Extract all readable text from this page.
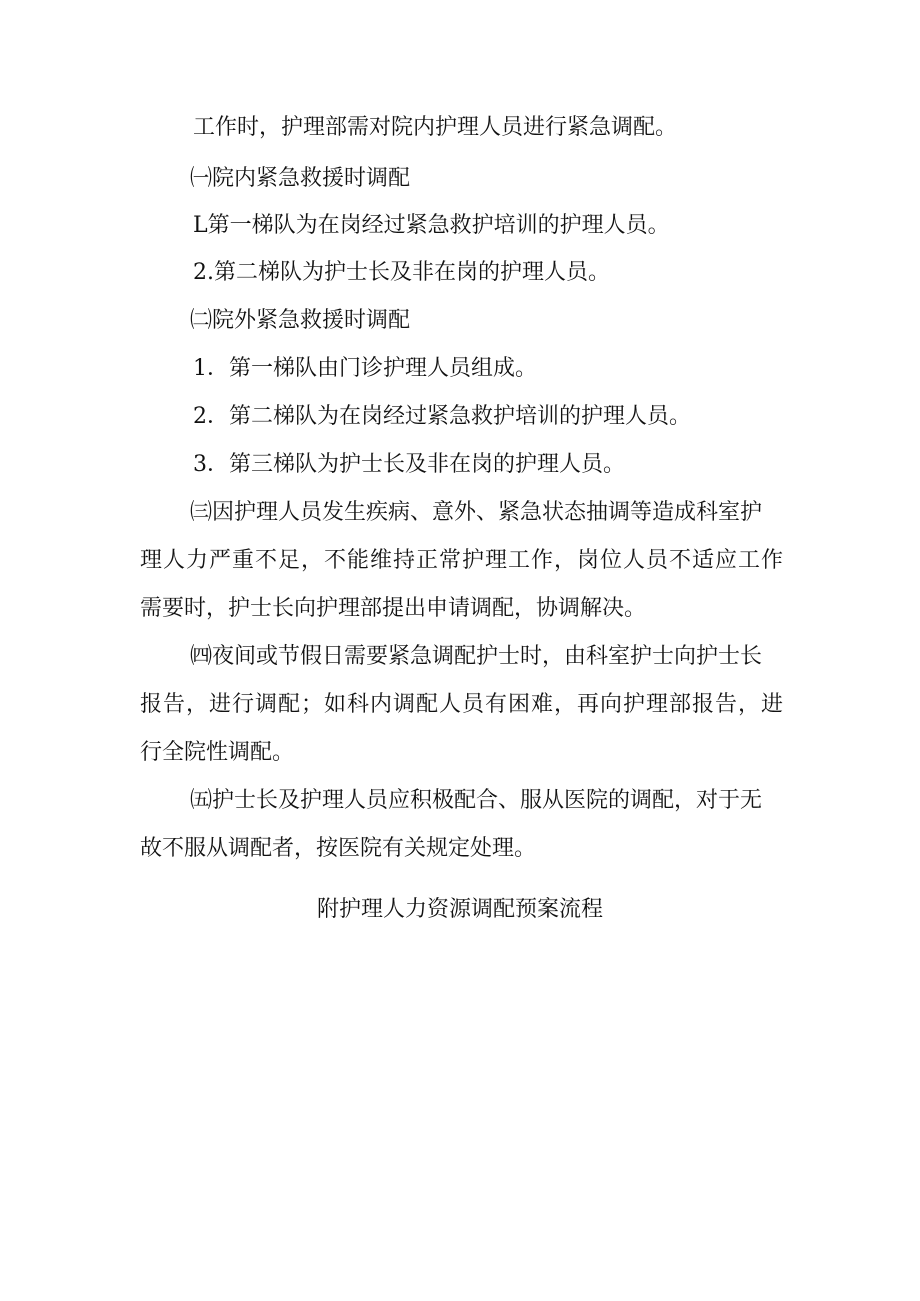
工作时，护理部需对院内护理人员进行紧急调配。
㈠院内紧急救援时调配
L第一梯队为在岗经过紧急救护培训的护理人员。
2.第二梯队为护士长及非在岗的护理人员。
㈡院外紧急救援时调配
1．第一梯队由门诊护理人员组成。
2．第二梯队为在岗经过紧急救护培训的护理人员。
3．第三梯队为护士长及非在岗的护理人员。
㈢因护理人员发生疾病、意外、紧急状态抽调等造成科室护
理人力严重不足，不能维持正常护理工作，岗位人员不适应工作
需要时，护士长向护理部提出申请调配，协调解决。
㈣夜间或节假日需要紧急调配护士时，由科室护士向护士长
报告，进行调配；如科内调配人员有困难，再向护理部报告，进
行全院性调配。
㈤护士长及护理人员应积极配合、服从医院的调配，对于无
故不服从调配者，按医院有关规定处理。
附护理人力资源调配预案流程
